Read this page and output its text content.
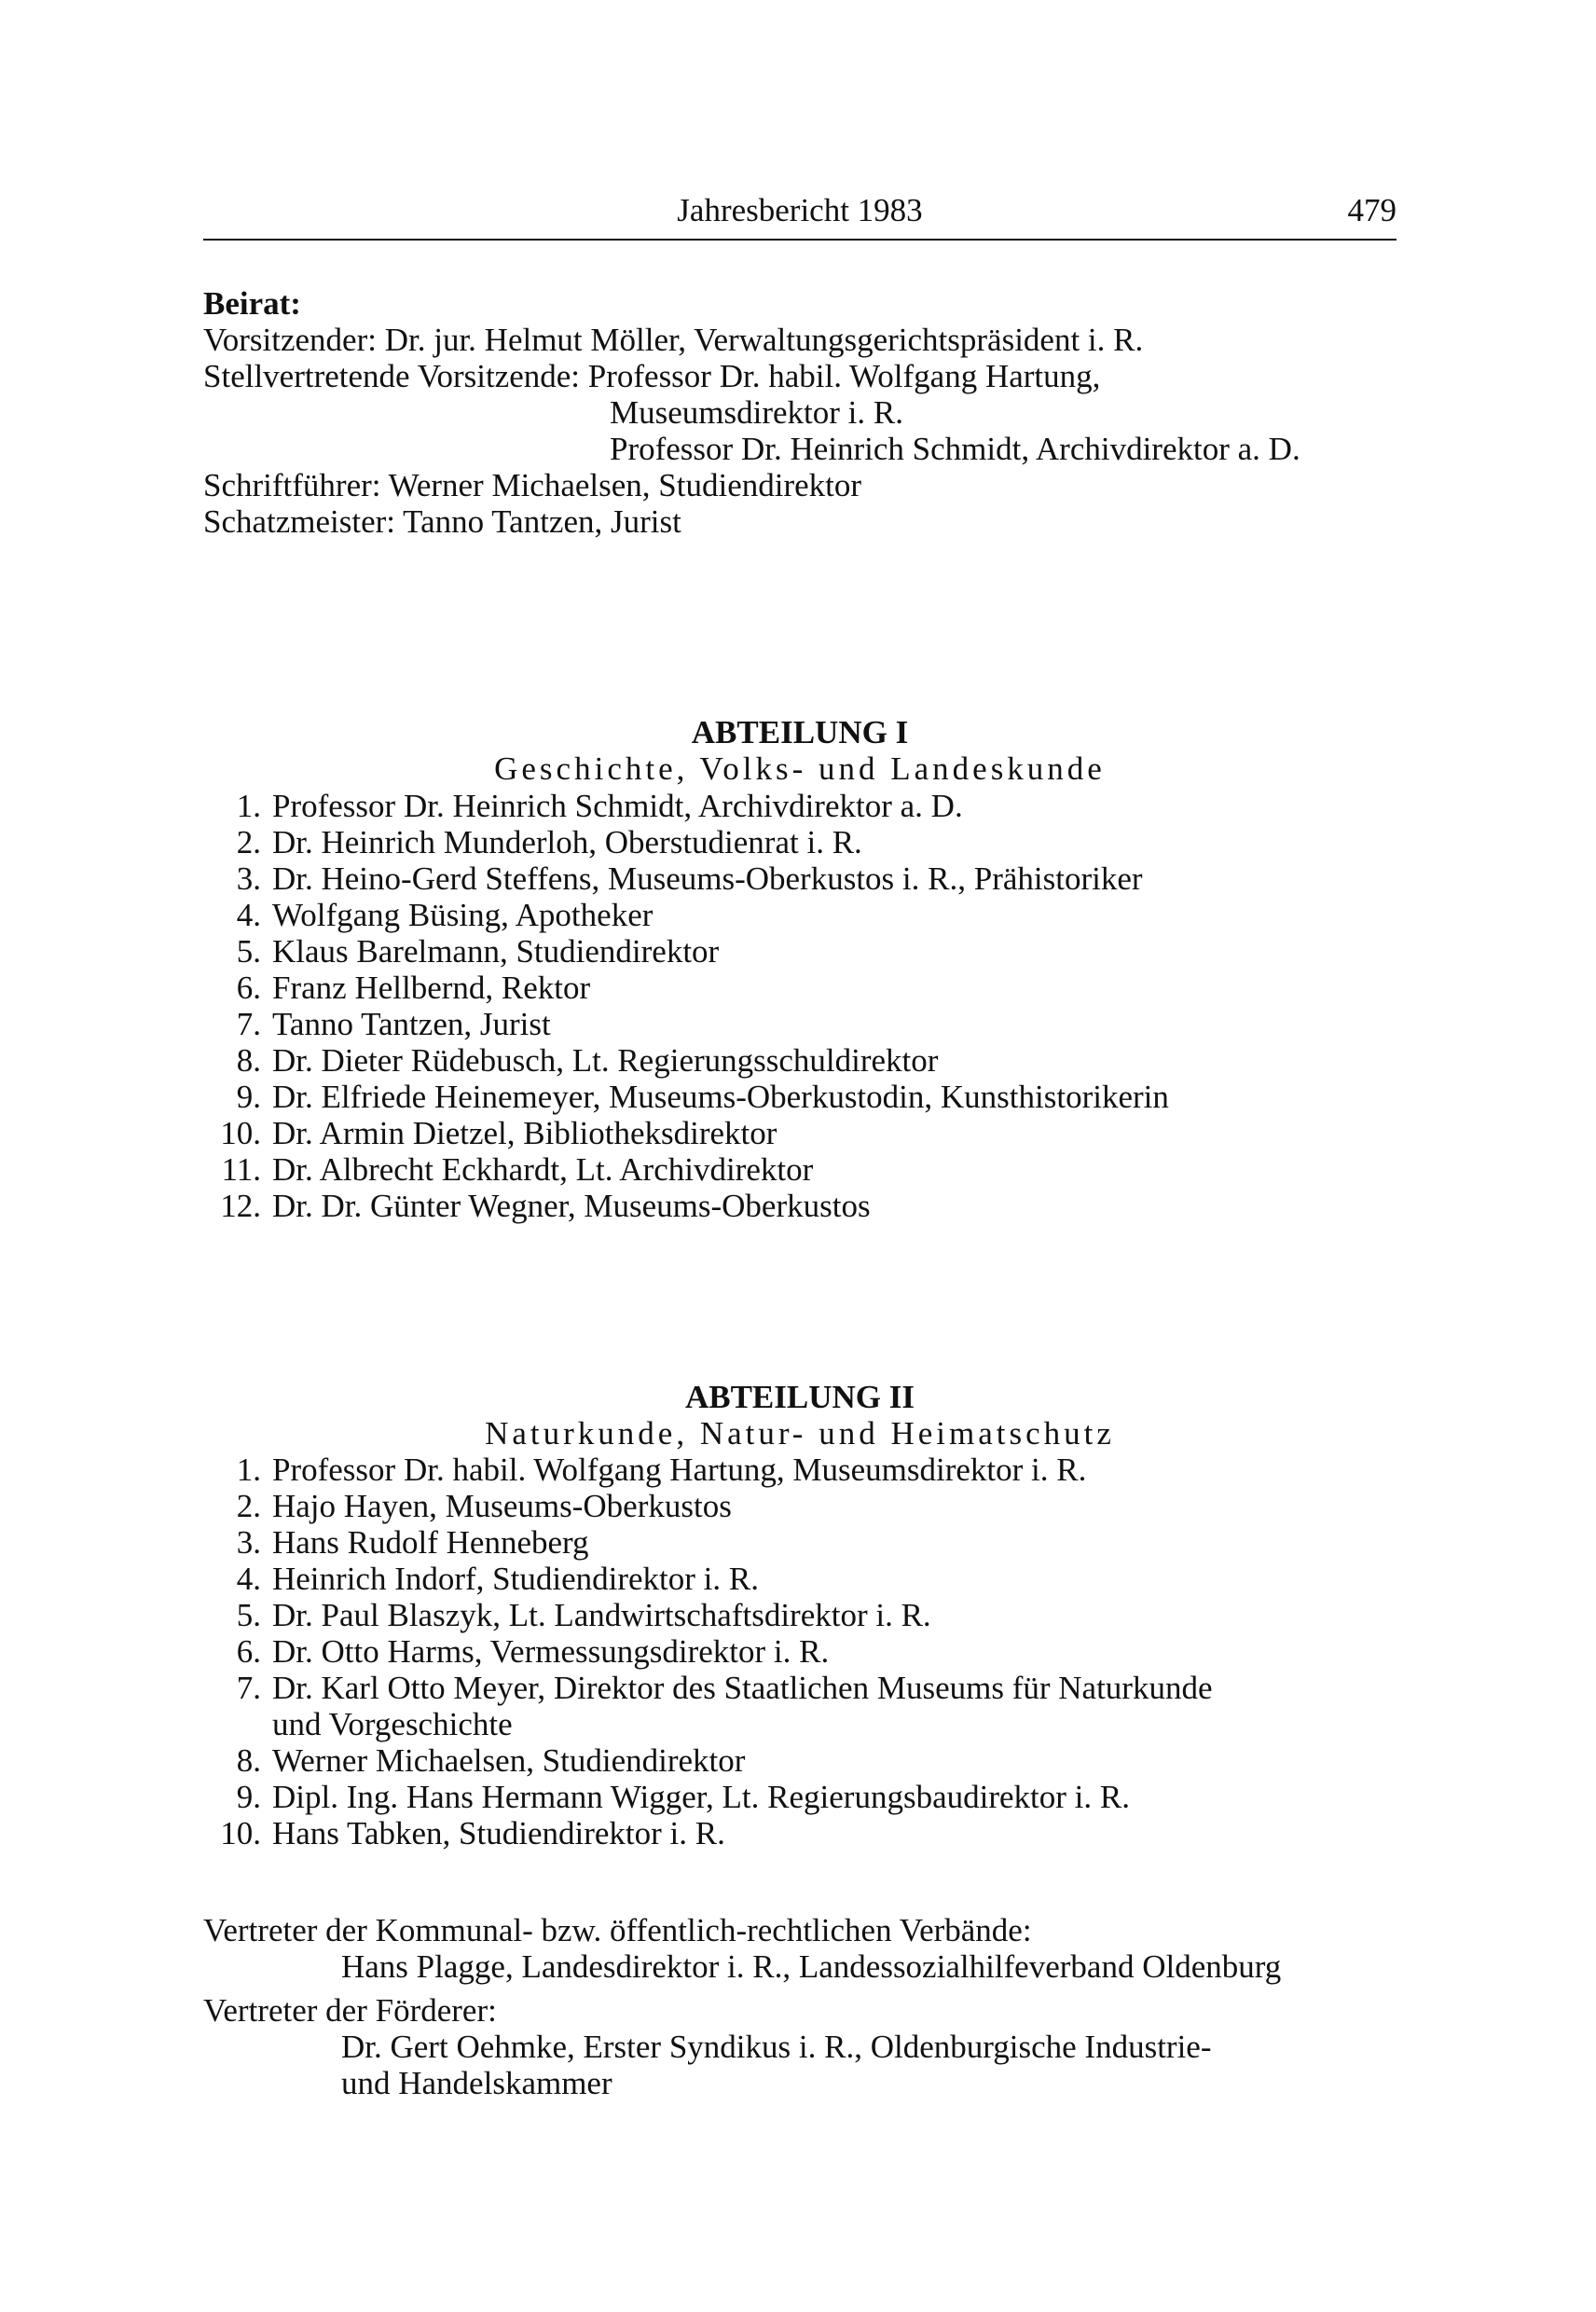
Jahresbericht 1983	479
Beirat:
Vorsitzender: Dr. jur. Helmut Möller, Verwaltungsgerichtspräsident i. R.
Stellvertretende Vorsitzende: Professor Dr. habil. Wolfgang Hartung,
Museumsdirektor i. R.
Professor Dr. Heinrich Schmidt, Archivdirektor a. D.
Schriftführer: Werner Michaelsen, Studiendirektor
Schatzmeister: Tanno Tantzen, Jurist
ABTEILUNG I
Geschichte, Volks- und Landeskunde
1. Professor Dr. Heinrich Schmidt, Archivdirektor a. D.
2. Dr. Heinrich Munderloh, Oberstudienrat i. R.
3. Dr. Heino-Gerd Steffens, Museums-Oberkustos i. R., Prähistoriker
4. Wolfgang Büsing, Apotheker
5. Klaus Barelmann, Studiendirektor
6. Franz Hellbernd, Rektor
7. Tanno Tantzen, Jurist
8. Dr. Dieter Rüdebusch, Lt. Regierungsschuldirektor
9. Dr. Elfriede Heinemeyer, Museums-Oberkustodin, Kunsthistorikerin
10. Dr. Armin Dietzel, Bibliotheksdirektor
11. Dr. Albrecht Eckhardt, Lt. Archivdirektor
12. Dr. Dr. Günter Wegner, Museums-Oberkustos
ABTEILUNG II
Naturkunde, Natur- und Heimatschutz
1. Professor Dr. habil. Wolfgang Hartung, Museumsdirektor i. R.
2. Hajo Hayen, Museums-Oberkustos
3. Hans Rudolf Henneberg
4. Heinrich Indorf, Studiendirektor i. R.
5. Dr. Paul Blaszyk, Lt. Landwirtschaftsdirektor i. R.
6. Dr. Otto Harms, Vermessungsdirektor i. R.
7. Dr. Karl Otto Meyer, Direktor des Staatlichen Museums für Naturkunde
und Vorgeschichte
8. Werner Michaelsen, Studiendirektor
9. Dipl. Ing. Hans Hermann Wigger, Lt. Regierungsbaudirektor i. R.
10. Hans Tabken, Studiendirektor i. R.
Vertreter der Kommunal- bzw. öffentlich-rechtlichen Verbände:
Hans Plagge, Landesdirektor i. R., Landessozialhilfeverband Oldenburg
Vertreter der Förderer:
Dr. Gert Oehmke, Erster Syndikus i. R., Oldenburgische Industrie-
und Handelskammer
